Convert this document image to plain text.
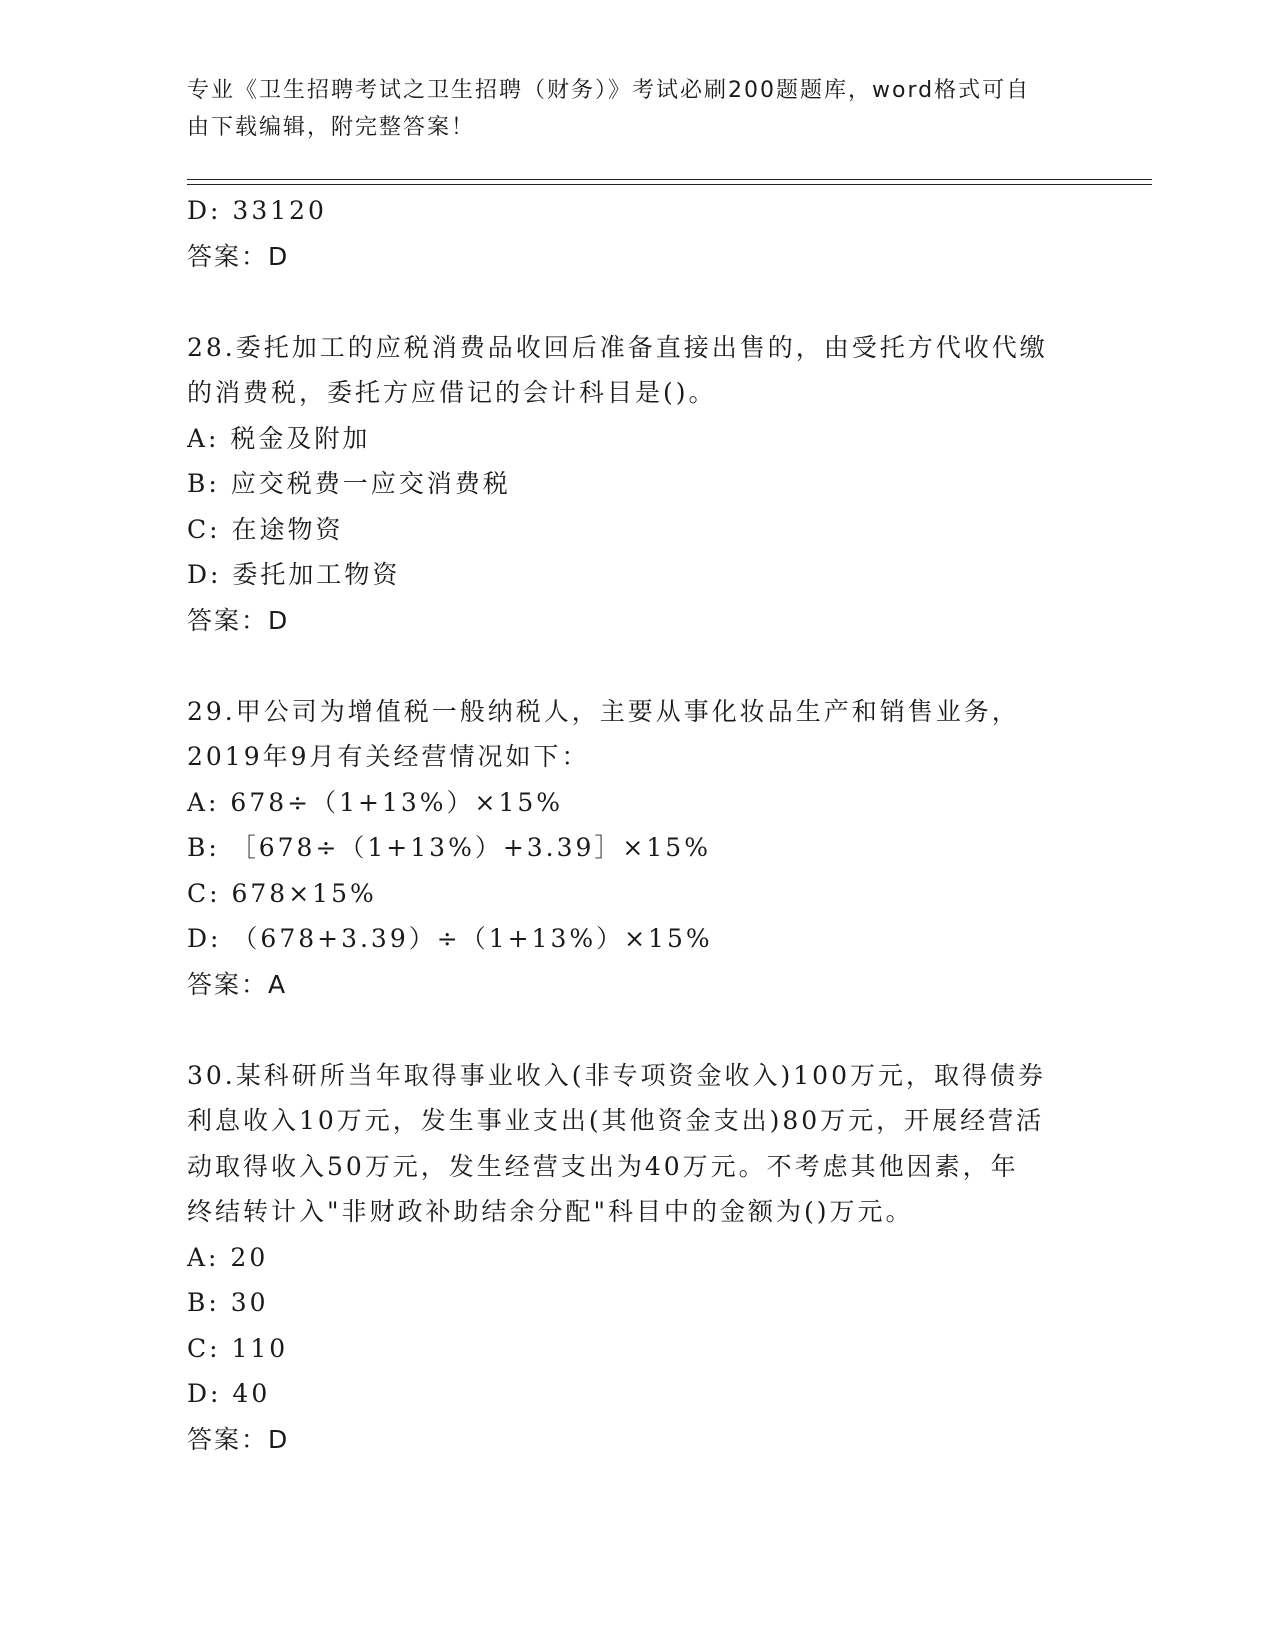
专业《卫生招聘考试之卫生招聘（财务）》考试必刷200题题库，word格式可自
由下载编辑，附完整答案！
D: 33120
答案：D
28.委托加工的应税消费品收回后准备直接出售的，由受托方代收代缴
的消费税，委托方应借记的会计科目是()。
A: 税金及附加
B: 应交税费一应交消费税
C: 在途物资
D: 委托加工物资
答案：D
29.甲公司为增值税一般纳税人，主要从事化妆品生产和销售业务，
2019年9月有关经营情况如下：
A: 678÷（1+13%）×15%
B: ［678÷（1+13%）+3.39］×15%
C: 678×15%
D: （678+3.39）÷（1+13%）×15%
答案：A
30.某科研所当年取得事业收入(非专项资金收入)100万元，取得债券
利息收入10万元，发生事业支出(其他资金支出)80万元，开展经营活
动取得收入50万元，发生经营支出为40万元。不考虑其他因素，年
终结转计入"非财政补助结余分配"科目中的金额为()万元。
A: 20
B: 30
C: 110
D: 40
答案：D
